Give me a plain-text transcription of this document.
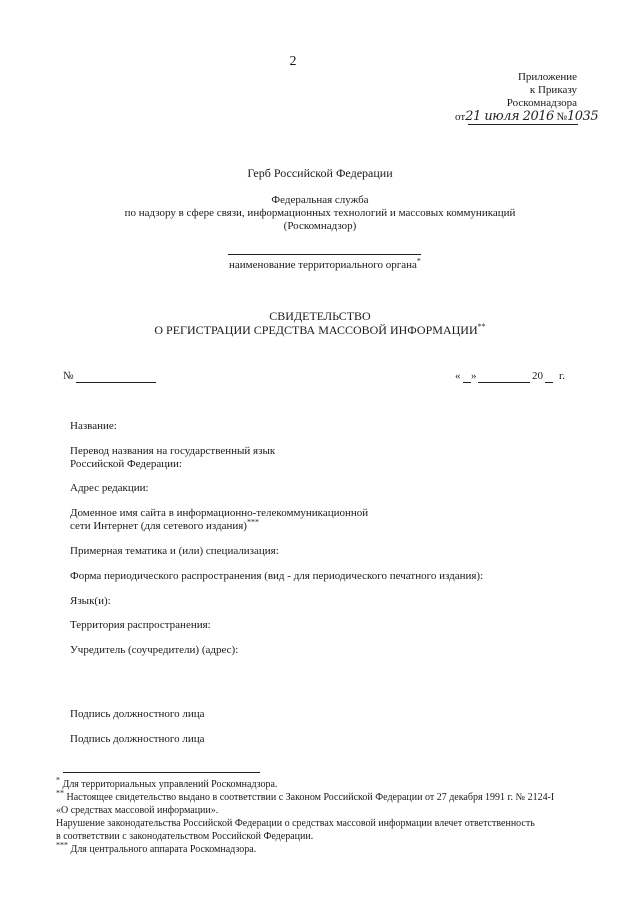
2
Приложение
к Приказу
Роскомнадзора
от21 июля 2016 №1035
Герб Российской Федерации
Федеральная служба
по надзору в сфере связи, информационных технологий и массовых коммуникаций
(Роскомнадзор)
наименование территориального органа*
СВИДЕТЕЛЬСТВО
О РЕГИСТРАЦИИ СРЕДСТВА МАССОВОЙ ИНФОРМАЦИИ**
№	« »	20 г.
Название:
Перевод названия на государственный язык
Российской Федерации:
Адрес редакции:
Доменное имя сайта в информационно-телекоммуникационной
сети Интернет (для сетевого издания)***
Примерная тематика и (или) специализация:
Форма периодического распространения (вид - для периодического печатного издания):
Язык(и):
Территория распространения:
Учредитель (соучредители) (адрес):
Подпись должностного лица
Подпись должностного лица
* Для территориальных управлений Роскомнадзора.
** Настоящее свидетельство выдано в соответствии с Законом Российской Федерации от 27 декабря 1991 г. № 2124-I
«О средствах массовой информации».
Нарушение законодательства Российской Федерации о средствах массовой информации влечет ответственность
в соответствии с законодательством Российской Федерации.
*** Для центрального аппарата Роскомнадзора.
